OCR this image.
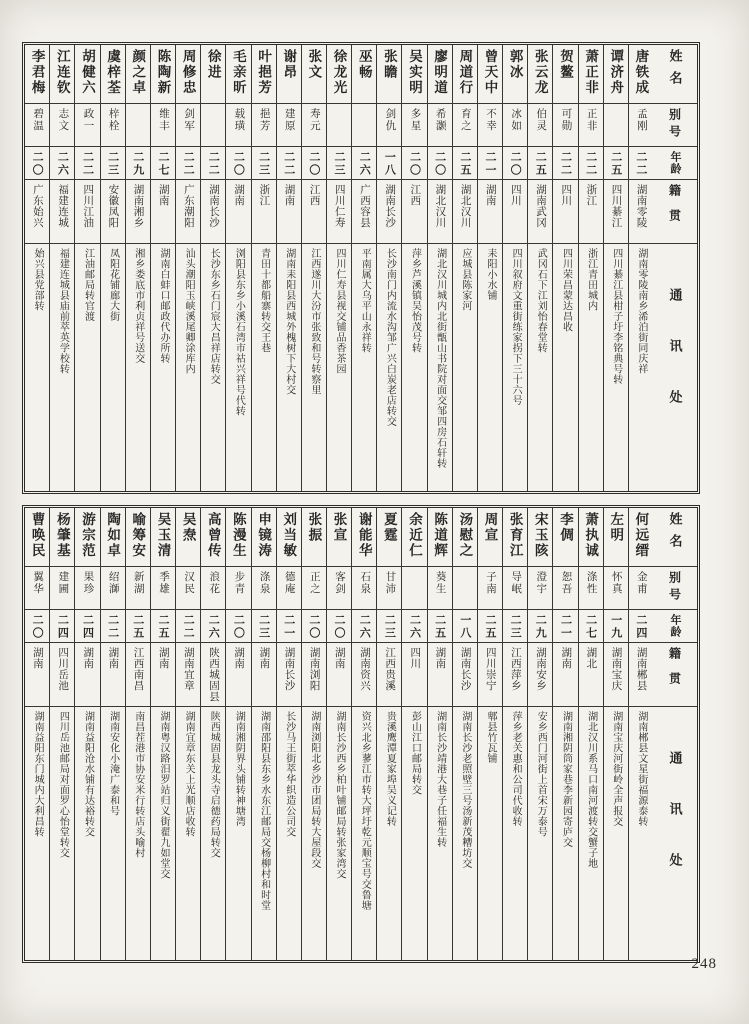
姓名
别号
年龄
籍贯
通讯处
唐铁成
孟刚
二二
湖南零陵
湖南零陵南乡浠泊街同庆祥
谭济舟
二五
四川綦江
四川綦江县柑子圩李铭典号转
萧正非
正非
二二
浙江
浙江青田城内
贺鳌
可勋
二二
四川
四川荣昌蒙达昌收
张云龙
伯灵
二五
湖南武冈
武冈石下江刘怡春堂转
郭冰
冰如
二〇
四川
四川叙府文重街练家拐下三十六号
曾天中
不幸
二一
湖南
耒阳小水铺
周道行
育之
二五
湖北汉川
应城县陈家河
廖明道
希灏
二〇
湖北汉川
湖北汉川城内北街甑山书院对面交邹四房石轩转
吴实明
多星
二〇
江西
萍乡芦溪镇吴怡茂号转
张瞻
剑仇
一八
湖南长沙
长沙南门内流水沟邹广兴白炭老店转交
巫畅
二六
广西容县
平南属大乌平山永祥转
徐龙光
二三
四川仁寿
四川仁寿县视交铺品香茶园
张文
寿元
二〇
江西
江西遂川大汾市张致和号转察里
谢昂
建原
二二
湖南
湖南耒阳县西城外槐树下大村交
叶挹芳
挹芳
二三
浙江
青田十都船寨转交王巷
毛亲昕
载璜
二〇
湖南
浏阳县东乡小溪石湾市祜兴祥号代转
徐进
二二
湖南长沙
长沙东乡石门宸大昌祥店转交
周修忠
剑军
二二
广东潮阳
汕头潮阳玉峡溪尾卿涂库内
陈陶新
维丰
二七
湖南
湖南白蚌口邮政代办所转
颜之卓
二九
湖南湘乡
湘乡娄底市利贞祥号送交
虞梓荃
梓栓
二三
安徽凤阳
凤阳花铺廊大街
胡健六
政一
二二
四川江油
江油邮局转官渡
江连钦
志文
二六
福建连城
福建连城县庙前萃英学校转
李君梅
碧温
二〇
广东始兴
始兴县党部转
姓名
别号
年龄
籍贯
通讯处
何远缙
金甫
二四
湖南郴县
湖南郴县文星街福源泰转
左明
怀真
一九
湖南宝庆
湖南宝庆河街岭全声报交
萧执诚
涤性
二七
湖北
湖北汉川系马口南河渡转交蟹子地
李倜
恕吾
二一
湖南
湖南湘阴筒家巷李新园寄庐交
宋玉陔
澄宇
二九
湖南安乡
安乡西门河街上首宋万泰号
张育江
导岷
二三
江西萍乡
萍乡老关惠和公司代收转
周宣
子南
二五
四川崇宁
郫县竹瓦铺
汤慰之
一八
湖南长沙
湖南长沙老照壁三号汤新茂糟坊交
陈道辉
葵生
二五
湖南
湖南长沙靖港大巷子任福生转
余近仁
二六
四川
彭山江口邮局转交
夏霆
甘沛
二三
江西贵溪
贵溪鹰潭夏家埠吴义记转
谢能华
石泉
二六
湖南资兴
资兴北乡蓼江市转大坪圩乾元顺宝号交鲁塘
张宣
客剑
二〇
湖南
湖南长沙西乡柏叶铺邮局转张家湾交
张振
正之
二〇
湖南浏阳
湖南浏阳北乡沙市团局转大屋段交
刘当敏
德庵
二一
湖南长沙
长沙马王街萃华织造公司交
申镜涛
涤泉
二三
湖南
湖南邵阳县东乡水东江邮局交杨柳村和时堂
陈漫生
步青
二〇
湖南
湖南湘阴界头铺转神塘湾
高曾传
浪花
二六
陕西城固县
陕西城固县龙头寺启德药局转交
吴焘
汉民
二二
湖南宜章
湖南宜章东关上光顺店收转
吴玉清
季雄
二五
湖南
湖南粤汉路汨罗站归义街翟九如堂交
喻筹安
新湖
二五
江西南昌
南昌茬港市协安米行转店头喻村
陶如卓
绍溮
二二
湖南
湖南安化小淹广泰和号
游宗范
果珍
二四
湖南
湖南益阳沧水铺有达裕转交
杨肇基
建圃
二四
四川岳池
四川岳池邮局对面罗心怡堂转交
曹唤民
翼华
二〇
湖南
湖南益阳东门城内大利昌转
248
